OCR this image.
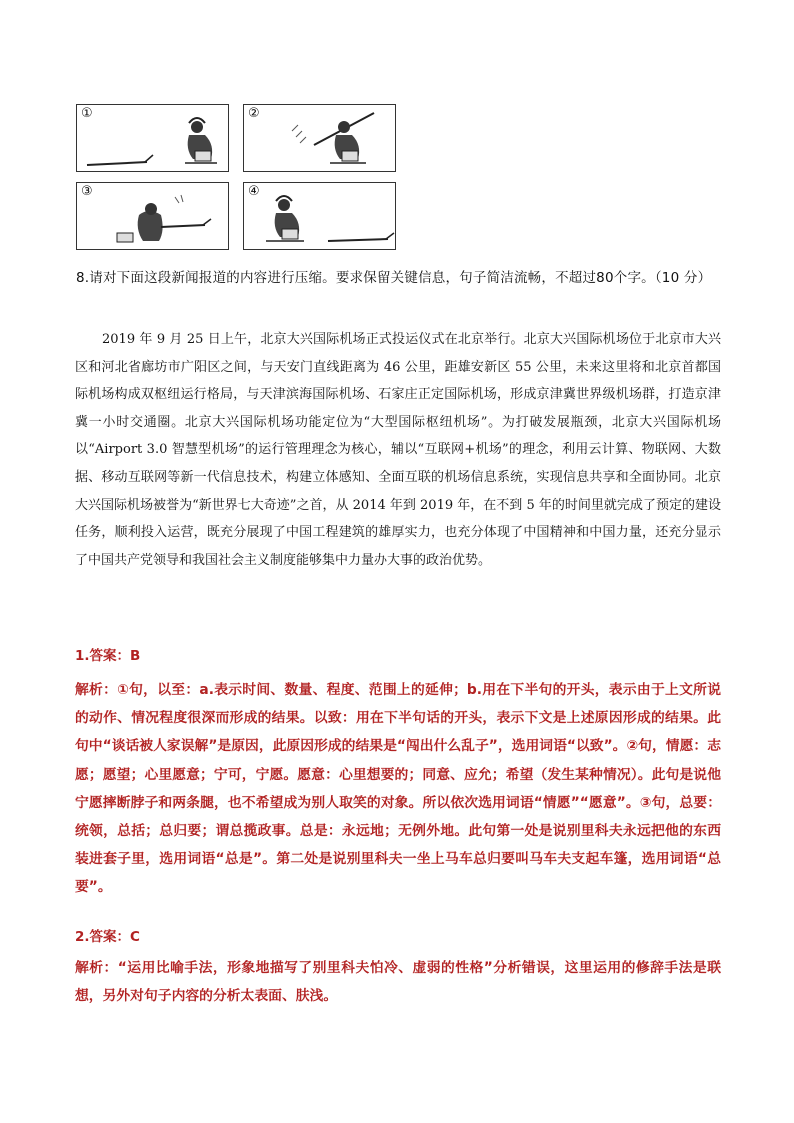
①	②
③	④
8.请对下面这段新闻报道的内容进行压缩。要求保留关键信息，句子简洁流畅，不超过80个字。（10 分）
2019 年 9 月 25 日上午，北京大兴国际机场正式投运仪式在北京举行。北京大兴国际机场位于北京市大兴区和河北省廊坊市广阳区之间，与天安门直线距离为 46 公里，距雄安新区 55 公里，未来这里将和北京首都国际机场构成双枢纽运行格局，与天津滨海国际机场、石家庄正定国际机场，形成京津冀世界级机场群，打造京津冀一小时交通圈。北京大兴国际机场功能定位为“大型国际枢纽机场”。为打破发展瓶颈，北京大兴国际机场以“Airport 3.0 智慧型机场”的运行管理理念为核心，辅以“互联网+机场”的理念，利用云计算、物联网、大数据、移动互联网等新一代信息技术，构建立体感知、全面互联的机场信息系统，实现信息共享和全面协同。北京大兴国际机场被誉为“新世界七大奇迹”之首，从 2014 年到 2019 年，在不到 5 年的时间里就完成了预定的建设任务，顺利投入运营，既充分展现了中国工程建筑的雄厚实力，也充分体现了中国精神和中国力量，还充分显示了中国共产党领导和我国社会主义制度能够集中力量办大事的政治优势。
1.答案：B
解析：①句，以至：a.表示时间、数量、程度、范围上的延伸；b.用在下半句的开头，表示由于上文所说的动作、情况程度很深而形成的结果。以致：用在下半句话的开头，表示下文是上述原因形成的结果。此句中“谈话被人家误解”是原因，此原因形成的结果是“闯出什么乱子”，选用词语“以致”。②句，情愿：志愿；愿望；心里愿意；宁可，宁愿。愿意：心里想要的；同意、应允；希望（发生某种情况）。此句是说他宁愿摔断脖子和两条腿，也不希望成为别人取笑的对象。所以依次选用词语“情愿”“愿意”。③句，总要：统领，总括；总归要；谓总揽政事。总是：永远地；无例外地。此句第一处是说别里科夫永远把他的东西装进套子里，选用词语“总是”。第二处是说别里科夫一坐上马车总归要叫马车夫支起车篷，选用词语“总要”。
2.答案：C
解析：“运用比喻手法，形象地描写了别里科夫怕冷、虚弱的性格”分析错误，这里运用的修辞手法是联想，另外对句子内容的分析太表面、肤浅。
